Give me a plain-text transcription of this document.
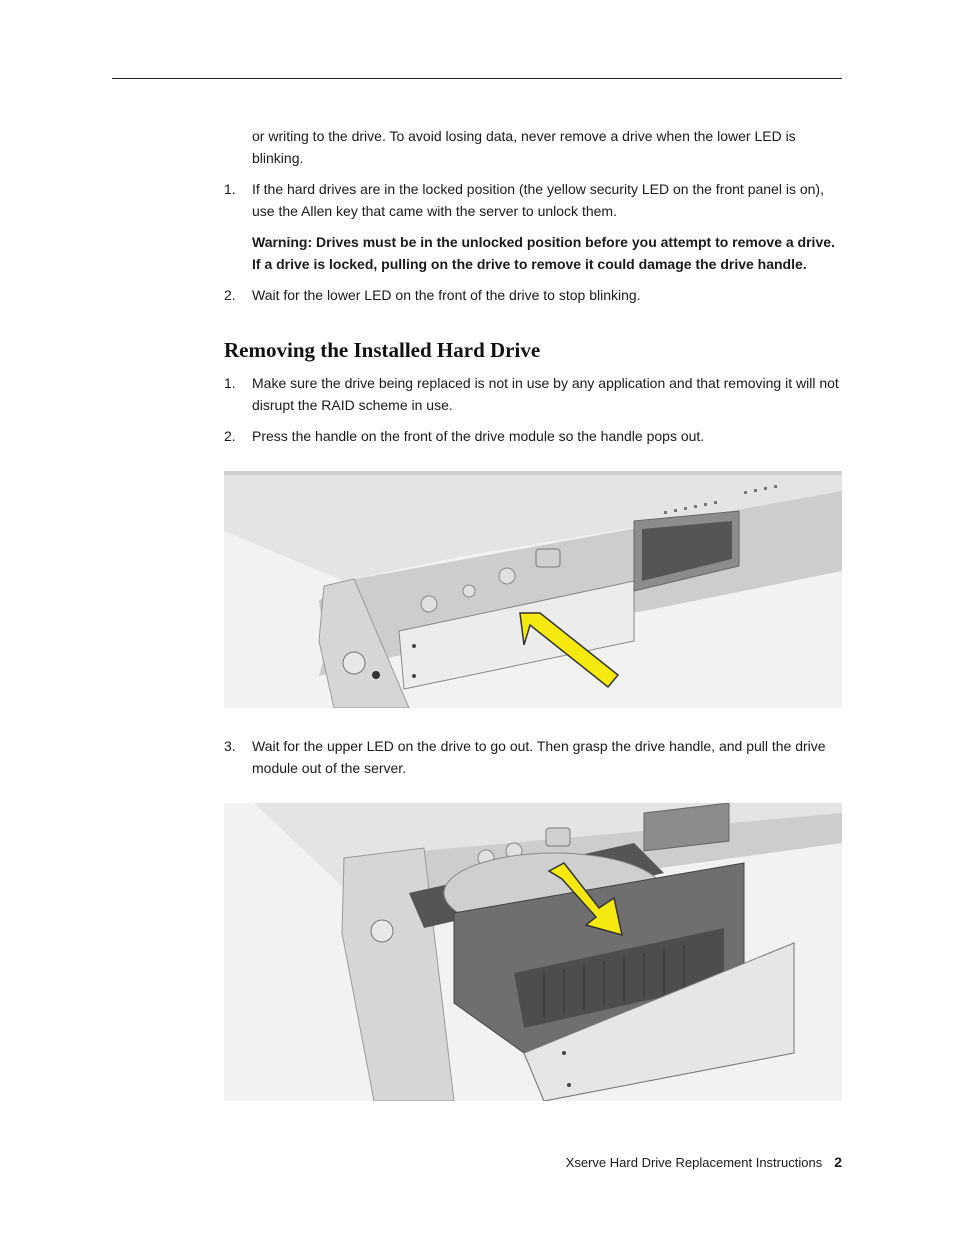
or writing to the drive. To avoid losing data, never remove a drive when the lower LED is blinking.
1. If the hard drives are in the locked position (the yellow security LED on the front panel is on), use the Allen key that came with the server to unlock them.
Warning: Drives must be in the unlocked position before you attempt to remove a drive. If a drive is locked, pulling on the drive to remove it could damage the drive handle.
2. Wait for the lower LED on the front of the drive to stop blinking.
Removing the Installed Hard Drive
1. Make sure the drive being replaced is not in use by any application and that removing it will not disrupt the RAID scheme in use.
2. Press the handle on the front of the drive module so the handle pops out.
3. Wait for the upper LED on the drive to go out. Then grasp the drive handle, and pull the drive module out of the server.
Xserve Hard Drive Replacement Instructions 2
